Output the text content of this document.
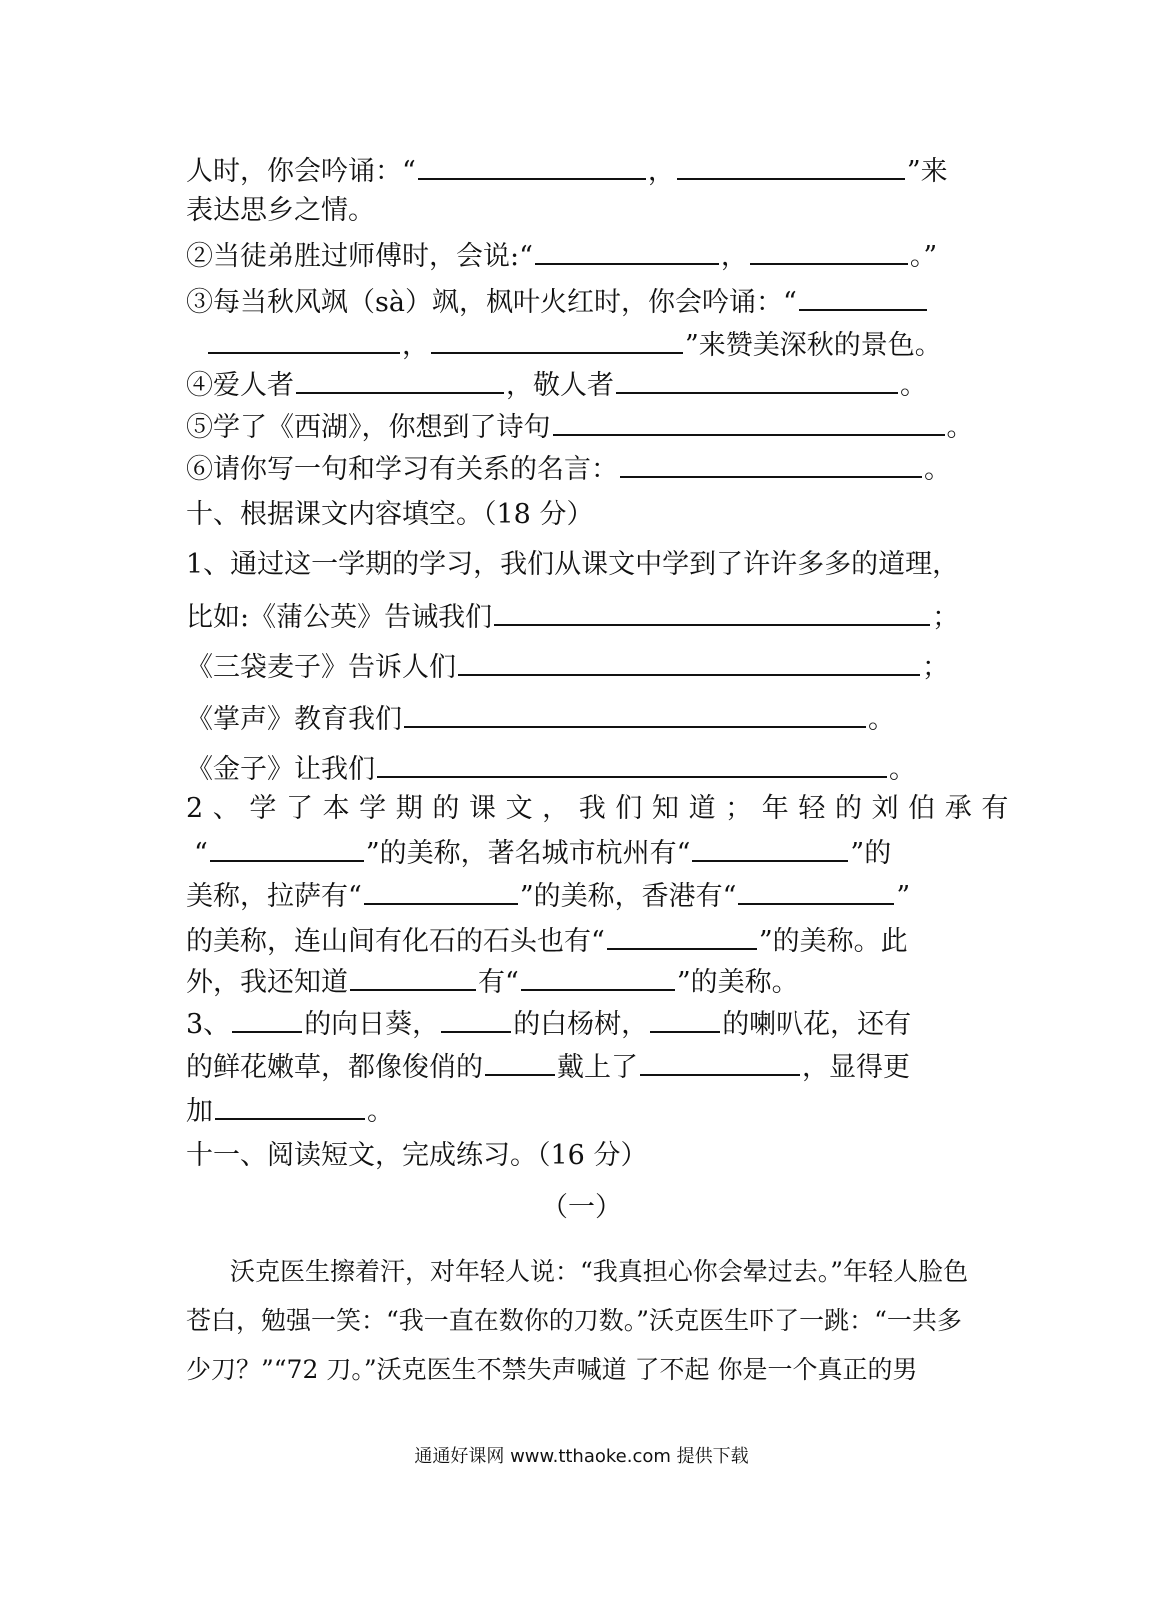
人时，你会吟诵：“	，	”来
表达思乡之情。
②当徒弟胜过师傅时，会说:“	，	。”
③每当秋风飒（sà）飒，枫叶火红时，你会吟诵：“
，	”来赞美深秋的景色。
④爱人者	，敬人者	。
⑤学了《西湖》，你想到了诗句	。
⑥请你写一句和学习有关系的名言：	。
十、根据课文内容填空。（18 分）
1、通过这一学期的学习，我们从课文中学到了许许多多的道理，
比如:《蒲公英》告诫我们	；
《三袋麦子》告诉人们	；
《掌声》教育我们	。
《金子》让我们	。
2、学了本学期的课文，我们知道；年轻的刘伯承有
“	”的美称，著名城市杭州有“	”的
美称，拉萨有“	”的美称，香港有“	”
的美称，连山间有化石的石头也有“	”的美称。此
外，我还知道	有“	”的美称。
3、	的向日葵，	的白杨树，	的喇叭花，还有
的鲜花嫩草，都像俊俏的	戴上了	，显得更
加	。
十一、阅读短文，完成练习。（16 分）
（一）
沃克医生擦着汗，对年轻人说：“我真担心你会晕过去。”年轻人脸色
苍白，勉强一笑：“我一直在数你的刀数。”沃克医生吓了一跳：“一共多
少刀？”“72 刀。”沃克医生不禁失声喊道 了不起 你是一个真正的男
通通好课网 www.tthaoke.com 提供下载
